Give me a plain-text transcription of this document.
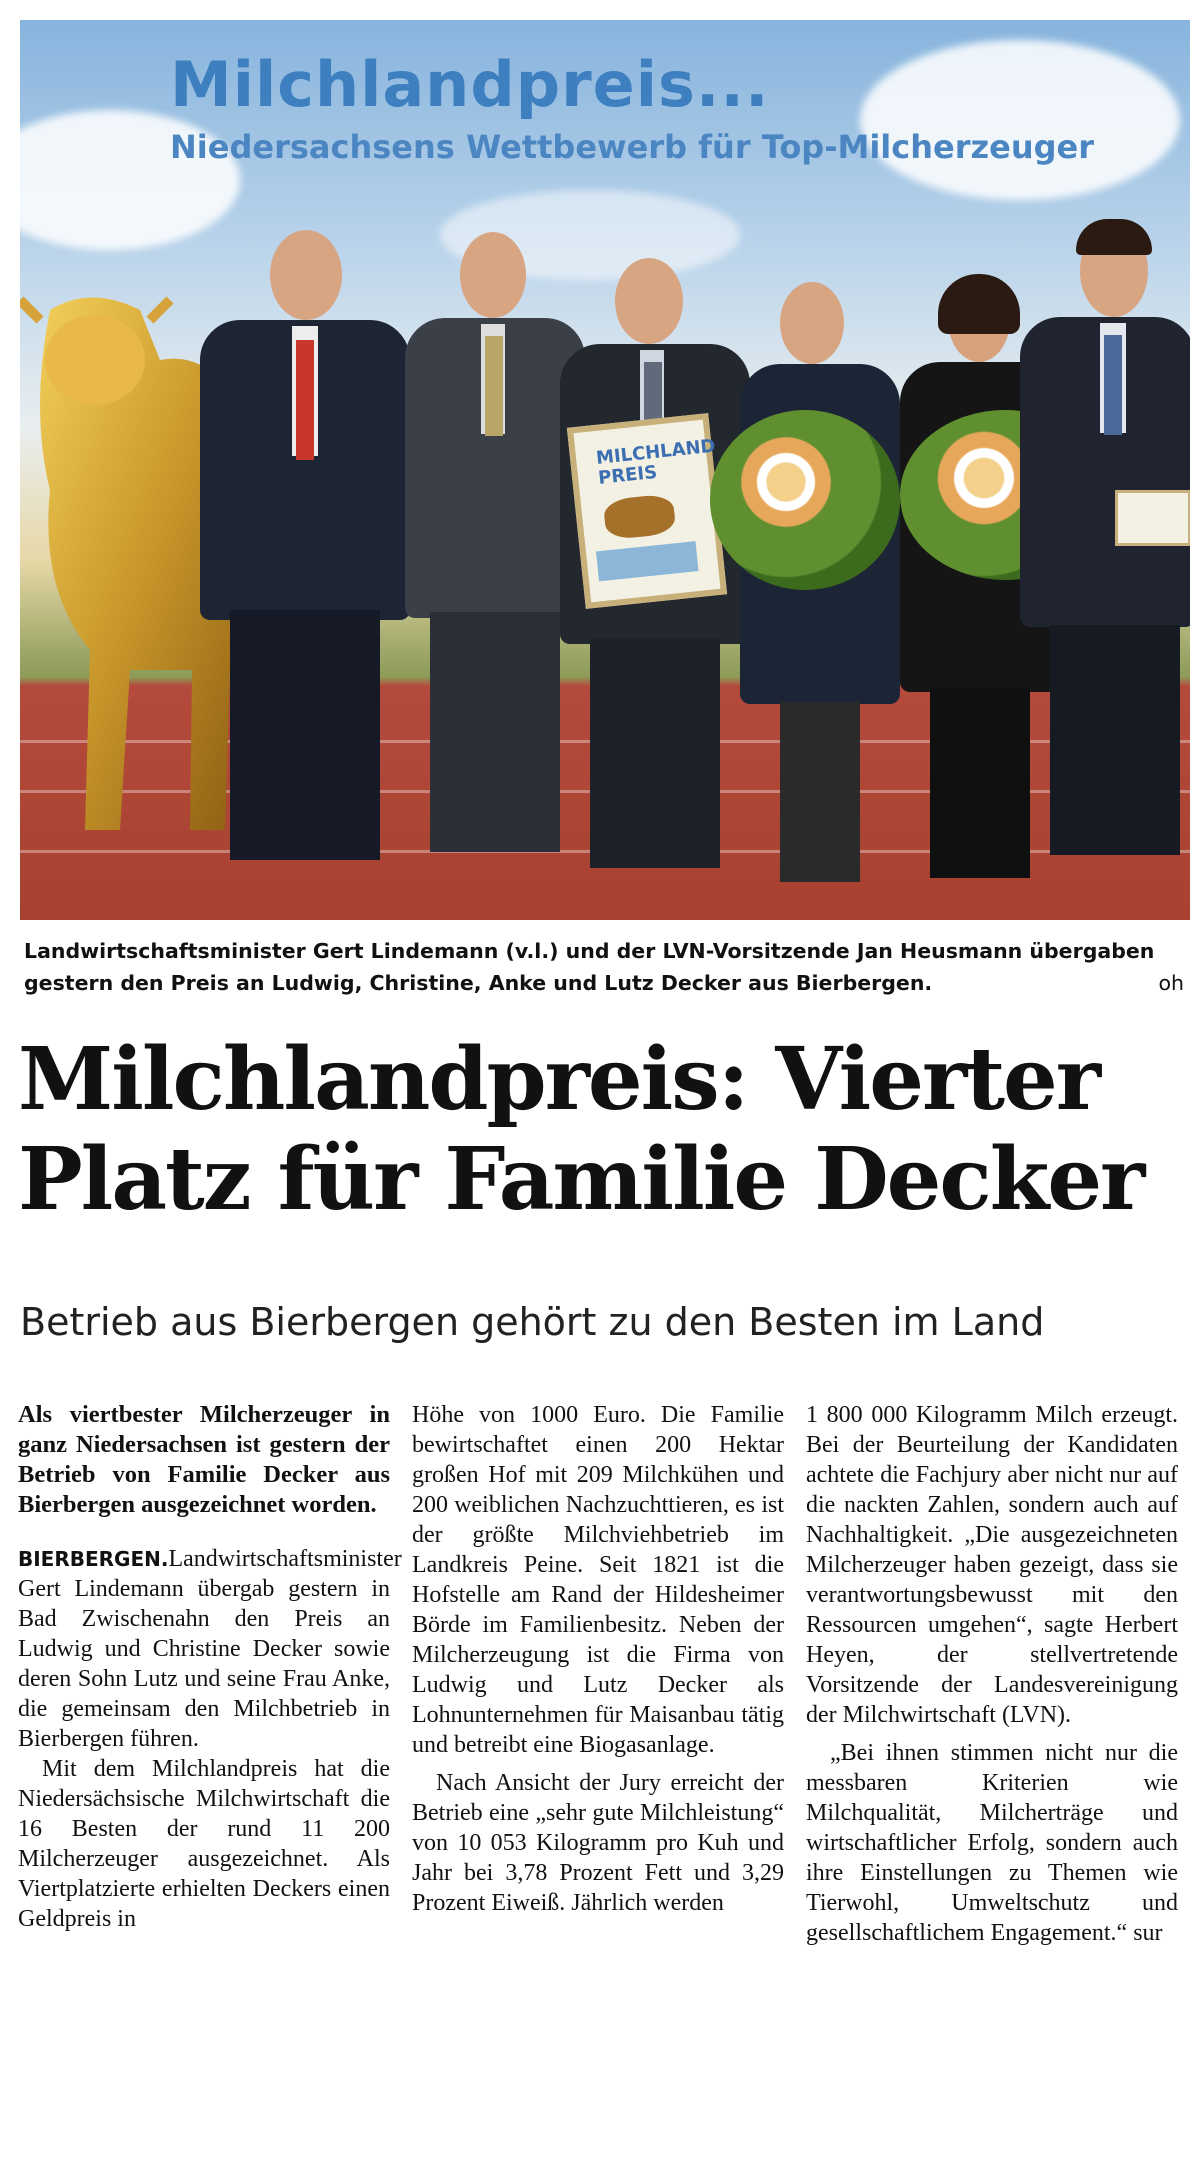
Milchlandpreis...
Niedersachsens Wettbewerb für Top-Milcherzeuger
MILCHLAND PREIS
Landwirtschaftsminister Gert Lindemann (v.l.) und der LVN-Vorsitzende Jan Heusmann übergaben gestern den Preis an Ludwig, Christine, Anke und Lutz Decker aus Bierbergen.	oh
Milchlandpreis: Vierter
Platz für Familie Decker
Betrieb aus Bierbergen gehört zu den Besten im Land

Als viertbester Milcherzeuger in ganz Niedersachsen ist gestern der Betrieb von Familie Decker aus Bierbergen ausgezeichnet worden.

BIERBERGEN.Landwirtschaftsminister Gert Lindemann übergab gestern in Bad Zwischenahn den Preis an Ludwig und Christine Decker sowie deren Sohn Lutz und seine Frau Anke, die gemeinsam den Milchbetrieb in Bierbergen führen.

Mit dem Milchlandpreis hat die Niedersächsische Milchwirtschaft die 16 Besten der rund 11 200 Milcherzeuger ausgezeichnet. Als Viertplatzierte erhielten Deckers einen Geldpreis in

Höhe von 1000 Euro. Die Familie bewirtschaftet einen 200 Hektar großen Hof mit 209 Milchkühen und 200 weiblichen Nachzuchttieren, es ist der größte Milchviehbetrieb im Landkreis Peine. Seit 1821 ist die Hofstelle am Rand der Hildesheimer Börde im Familienbesitz. Neben der Milcherzeugung ist die Firma von Ludwig und Lutz Decker als Lohnunternehmen für Maisanbau tätig und betreibt eine Biogasanlage.

Nach Ansicht der Jury erreicht der Betrieb eine „sehr gute Milchleistung“ von 10 053 Kilogramm pro Kuh und Jahr bei 3,78 Prozent Fett und 3,29 Prozent Eiweiß. Jährlich werden

1 800 000 Kilogramm Milch erzeugt. Bei der Beurteilung der Kandidaten achtete die Fachjury aber nicht nur auf die nackten Zahlen, sondern auch auf Nachhaltigkeit. „Die ausgezeichneten Milcherzeuger haben gezeigt, dass sie verantwortungsbewusst mit den Ressourcen umgehen“, sagte Herbert Heyen, der stellvertretende Vorsitzende der Landesvereinigung der Milchwirtschaft (LVN).

„Bei ihnen stimmen nicht nur die messbaren Kriterien wie Milchqualität, Milcherträge und wirtschaftlicher Erfolg, sondern auch ihre Einstellungen zu Themen wie Tierwohl, Umweltschutz und gesellschaftlichem Engagement.“ sur
